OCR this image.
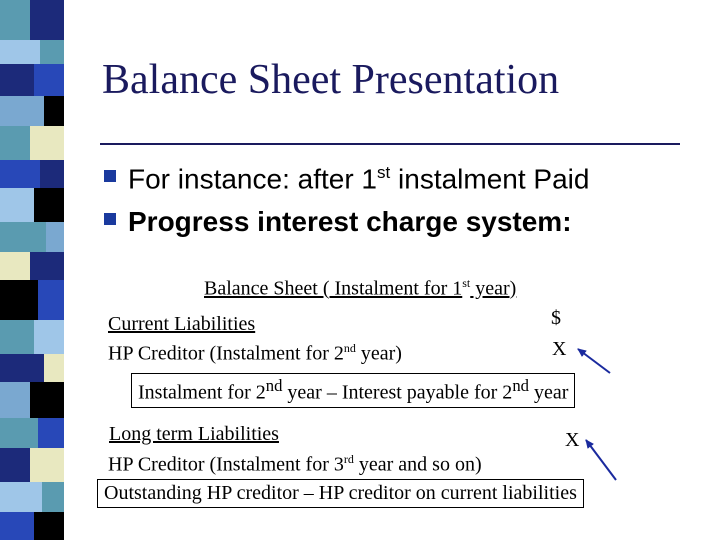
Balance Sheet Presentation
For instance: after 1st instalment Paid
Progress interest charge system:
Balance Sheet ( Instalment for 1st year)
$
Current Liabilities
HP Creditor (Instalment for 2nd year)	X
Instalment for 2nd year – Interest payable for 2nd year
Long term Liabilities	X
HP Creditor (Instalment for 3rd year and so on)
Outstanding HP creditor – HP creditor on current liabilities
